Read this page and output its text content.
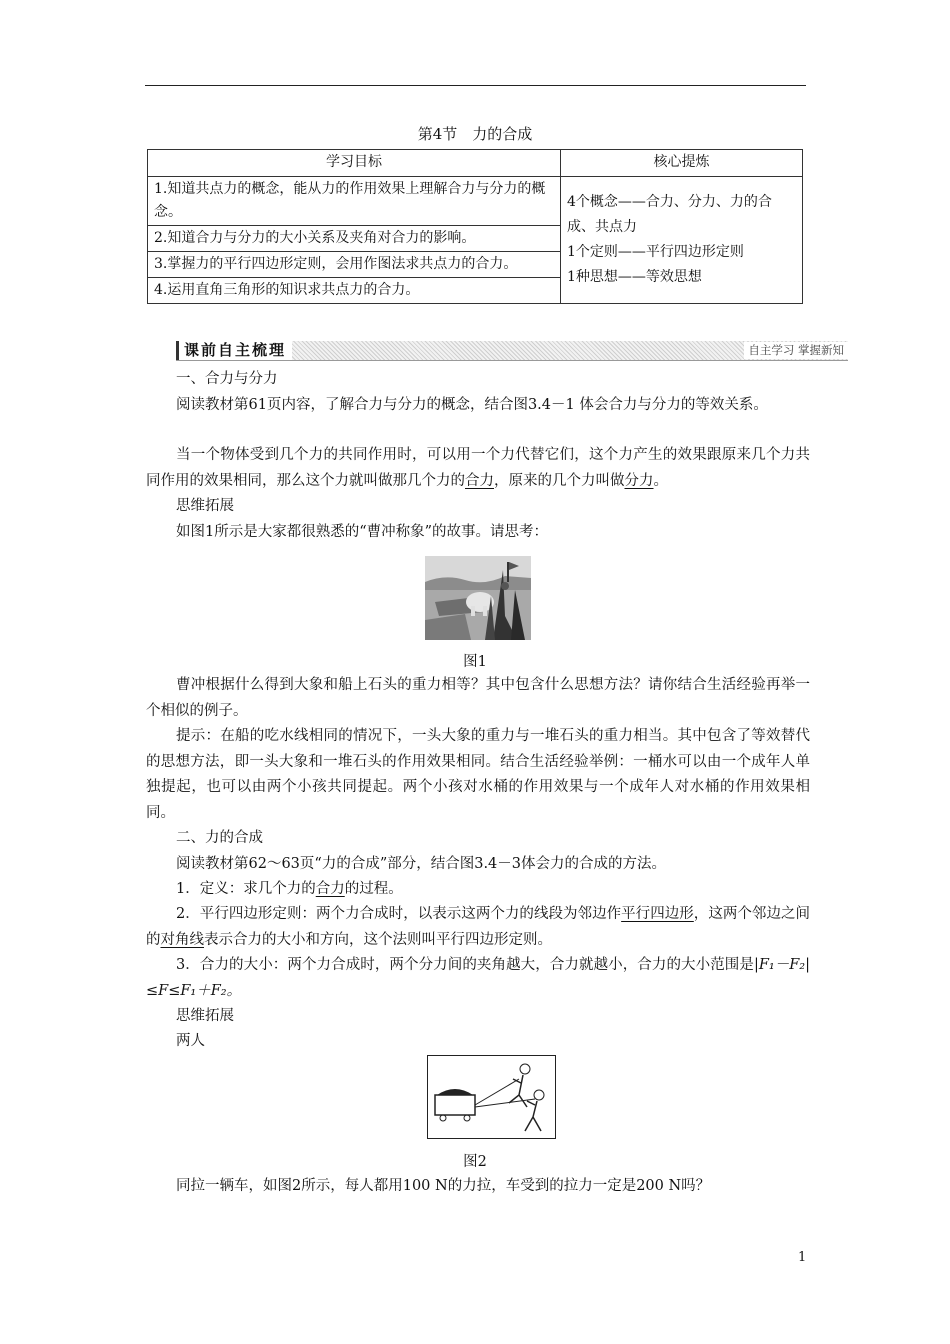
第4节　力的合成
学习目标	核心提炼
1.知道共点力的概念，能从力的作用效果上理解合力与分力的概念。	4个概念——合力、分力、力的合成、共点力
1个定则——平行四边形定则
1种思想——等效思想

2.知道合力与分力的大小关系及夹角对合力的影响。	
3.掌握力的平行四边形定则，会用作图法求共点力的合力。	
4.运用直角三角形的知识求共点力的合力。	
课前自主梳理	自主学习 掌握新知
一、合力与分力
阅读教材第61页内容，了解合力与分力的概念，结合图3.4－1 体会合力与分力的等效关系。
当一个物体受到几个力的共同作用时，可以用一个力代替它们，这个力产生的效果跟原来几个力共同作用的效果相同，那么这个力就叫做那几个力的合力，原来的几个力叫做分力。
思维拓展
如图1所示是大家都很熟悉的“曹冲称象”的故事。请思考：
图1
曹冲根据什么得到大象和船上石头的重力相等？其中包含什么思想方法？请你结合生活经验再举一个相似的例子。
提示：在船的吃水线相同的情况下，一头大象的重力与一堆石头的重力相当。其中包含了等效替代的思想方法，即一头大象和一堆石头的作用效果相同。结合生活经验举例：一桶水可以由一个成年人单独提起，也可以由两个小孩共同提起。两个小孩对水桶的作用效果与一个成年人对水桶的作用效果相同。
二、力的合成
阅读教材第62～63页“力的合成”部分，结合图3.4－3体会力的合成的方法。
1．定义：求几个力的合力的过程。
2．平行四边形定则：两个力合成时，以表示这两个力的线段为邻边作平行四边形，这两个邻边之间的对角线表示合力的大小和方向，这个法则叫平行四边形定则。
3．合力的大小：两个力合成时，两个分力间的夹角越大，合力就越小，合力的大小范围是|F₁－F₂|≤F≤F₁＋F₂。
思维拓展
两人
图2
同拉一辆车，如图2所示，每人都用100 N的力拉，车受到的拉力一定是200 N吗？
1
